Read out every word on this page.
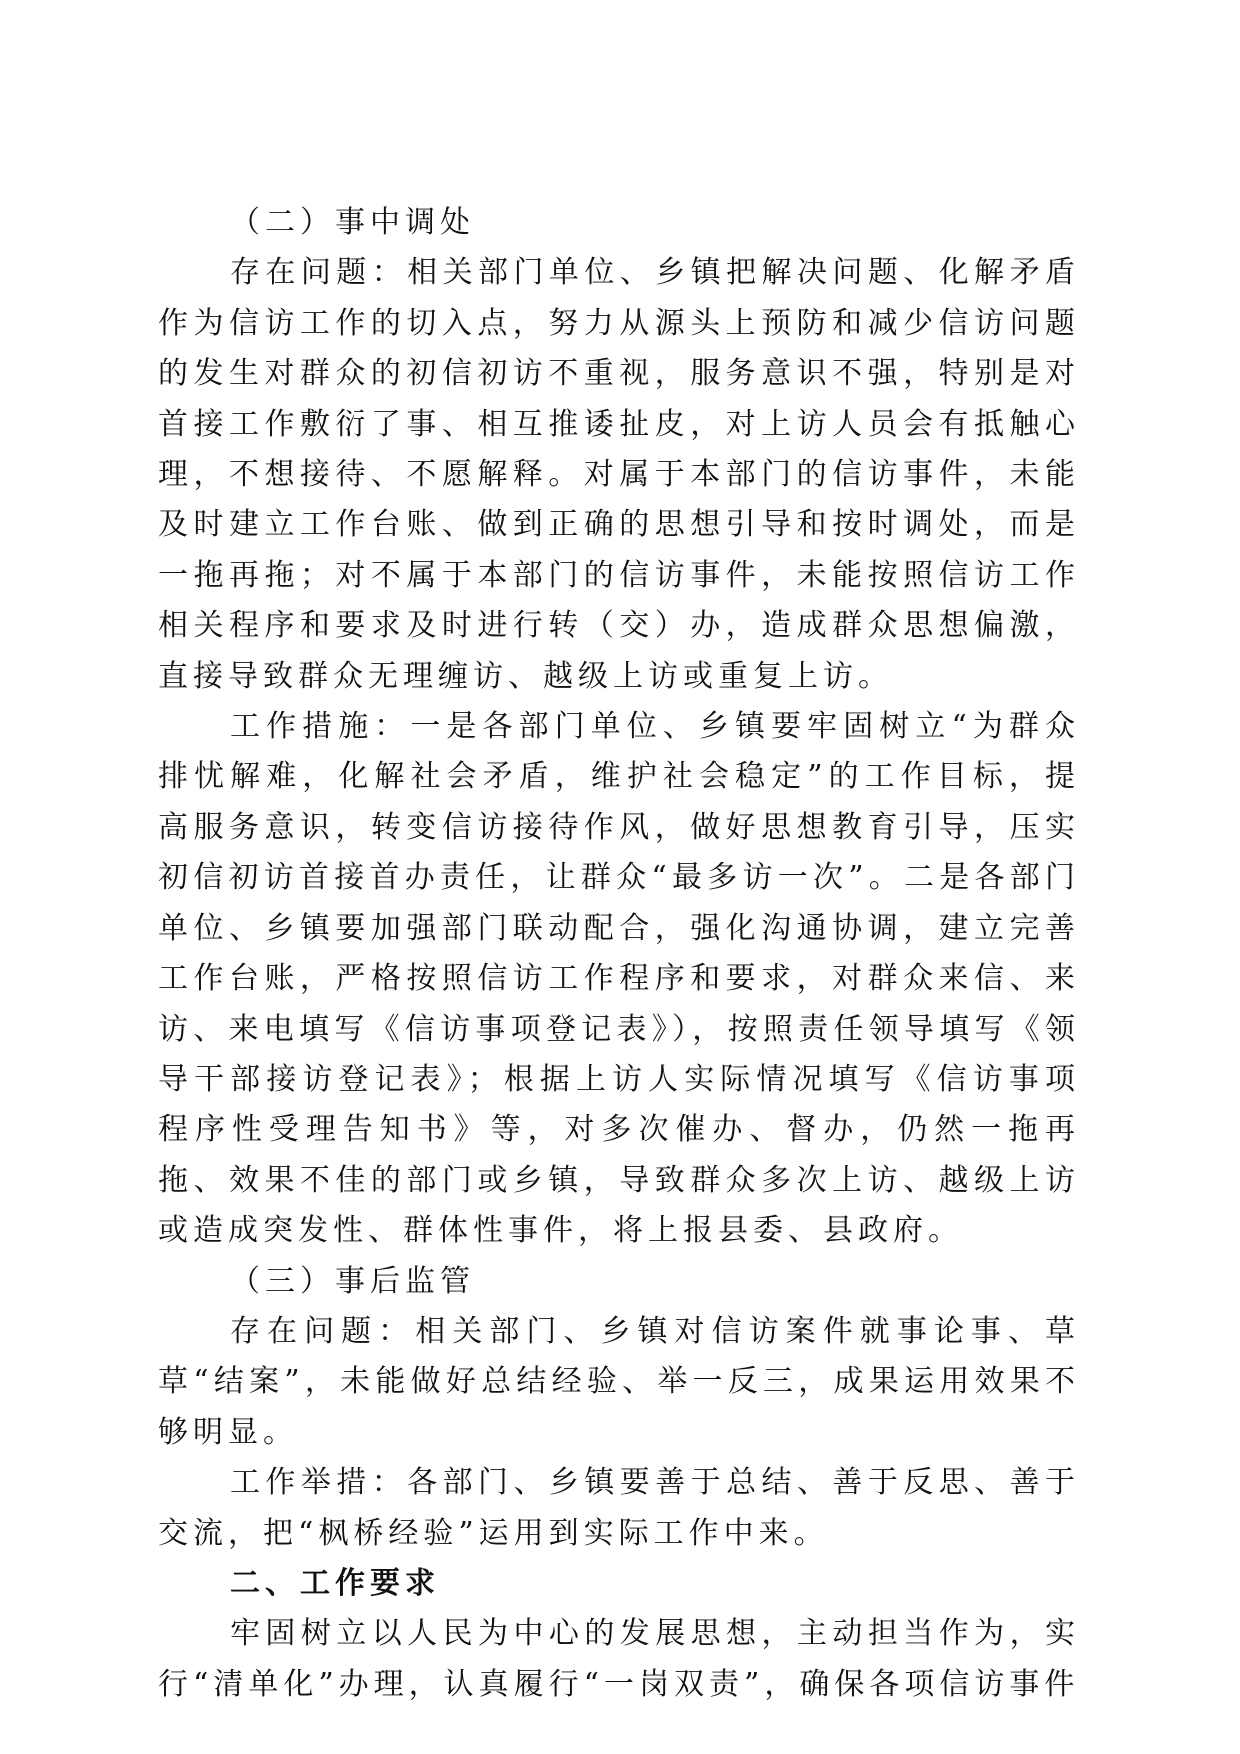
（二）事中调处

存在问题：相关部门单位、乡镇把解决问题、化解矛盾作为信访工作的切入点，努力从源头上预防和减少信访问题的发生对群众的初信初访不重视，服务意识不强，特别是对首接工作敷衍了事、相互推诿扯皮，对上访人员会有抵触心理，不想接待、不愿解释。对属于本部门的信访事件，未能及时建立工作台账、做到正确的思想引导和按时调处，而是一拖再拖；对不属于本部门的信访事件，未能按照信访工作相关程序和要求及时进行转（交）办，造成群众思想偏激，直接导致群众无理缠访、越级上访或重复上访。

工作措施：一是各部门单位、乡镇要牢固树立“为群众排忧解难，化解社会矛盾，维护社会稳定”的工作目标，提高服务意识，转变信访接待作风，做好思想教育引导，压实初信初访首接首办责任，让群众“最多访一次”。二是各部门单位、乡镇要加强部门联动配合，强化沟通协调，建立完善工作台账，严格按照信访工作程序和要求，对群众来信、来访、来电填写《信访事项登记表》），按照责任领导填写《领导干部接访登记表》；根据上访人实际情况填写《信访事项程序性受理告知书》等，对多次催办、督办，仍然一拖再拖、效果不佳的部门或乡镇，导致群众多次上访、越级上访或造成突发性、群体性事件，将上报县委、县政府。

（三）事后监管

存在问题：相关部门、乡镇对信访案件就事论事、草草“结案”，未能做好总结经验、举一反三，成果运用效果不够明显。

工作举措：各部门、乡镇要善于总结、善于反思、善于交流，把“枫桥经验”运用到实际工作中来。

二、工作要求

牢固树立以人民为中心的发展思想，主动担当作为，实行“清单化”办理，认真履行“一岗双责”，确保各项信访事件
